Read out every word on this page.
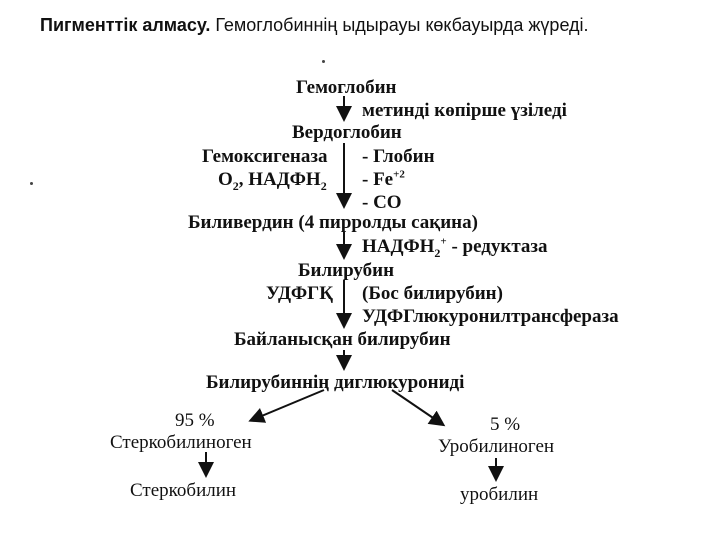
Пигменттік алмасу. Гемоглобиннің ыдырауы көкбауырда жүреді.
Гемоглобин
метинді көпірше үзіледі
Вердоглобин
Гемоксигеназа
$O_2$, $НАДФН_2$
- Глобин
- $Fe^{+2}$
- CO
Биливердин (4 пирролды сақина)
$НАДФН_2^+$ - редуктаза
Билирубин
УДФГҚ (Бос билирубин)
УДФГлюкуронилтрансфераза
Байланысқан билирубин
Билирубиннің диглюкурониді
95 %
Стеркобилиноген
Стеркобилин
5 %
Уробилиноген
уробилин
